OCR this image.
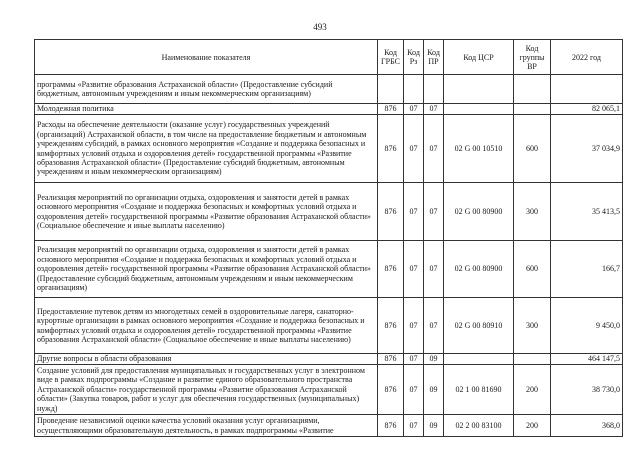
493
Наименование показателя	Код ГРБС	Код Рз	Код ПР	Код ЦСР	Код группы ВР	2022 год
программы «Развитие образования Астраханской области» (Предоставление субсидий бюджетным, автономным учреждениям и иным некоммерческим организациям)						
Молодежная политика	876	07	07			82 065,1
Расходы на обеспечение деятельности (оказание услуг) государственных учреждений (организаций) Астраханской области, в том числе на предоставление бюджетным и автономным учреждениям субсидий, в рамках основного мероприятия «Создание и поддержка безопасных и комфортных условий отдыха и оздоровления детей» государственной программы «Развитие образования Астраханской области» (Предоставление субсидий бюджетным, автономным учреждениям и иным некоммерческим организациям)	876	07	07	02 G 00 10510	600	37 034,9
Реализация мероприятий по организации отдыха, оздоровления и занятости детей в рамках основного мероприятия «Создание и поддержка безопасных и комфортных условий отдыха и оздоровления детей» государственной программы «Развитие образования Астраханской области» (Социальное обеспечение и иные выплаты населению)	876	07	07	02 G 00 80900	300	35 413,5
Реализация мероприятий по организации отдыха, оздоровления и занятости детей в рамках основного мероприятия «Создание и поддержка безопасных и комфортных условий отдыха и оздоровления детей» государственной программы «Развитие образования Астраханской области» (Предоставление субсидий бюджетным, автономным учреждениям и иным некоммерческим организациям)	876	07	07	02 G 00 80900	600	166,7
Предоставление путевок детям из многодетных семей в оздоровительные лагеря, санаторно-курортные организации в рамках основного мероприятия «Создание и поддержка безопасных и комфортных условий отдыха и оздоровления детей» государственной программы «Развитие образования Астраханской области» (Социальное обеспечение и иные выплаты населению)	876	07	07	02 G 00 80910	300	9 450,0
Другие вопросы в области образования	876	07	09			464 147,5
Создание условий для предоставления муниципальных и государственных услуг в электронном виде в рамках подпрограммы «Создание и развитие единого образовательного пространства Астраханской области» государственной программы «Развитие образования Астраханской области» (Закупка товаров, работ и услуг для обеспечения государственных (муниципальных) нужд)	876	07	09	02 1 00 81690	200	38 730,0
Проведение независимой оценки качества условий оказания услуг организациями, осуществляющими образовательную деятельность, в рамках подпрограммы «Развитие	876	07	09	02 2 00 83100	200	368,0
